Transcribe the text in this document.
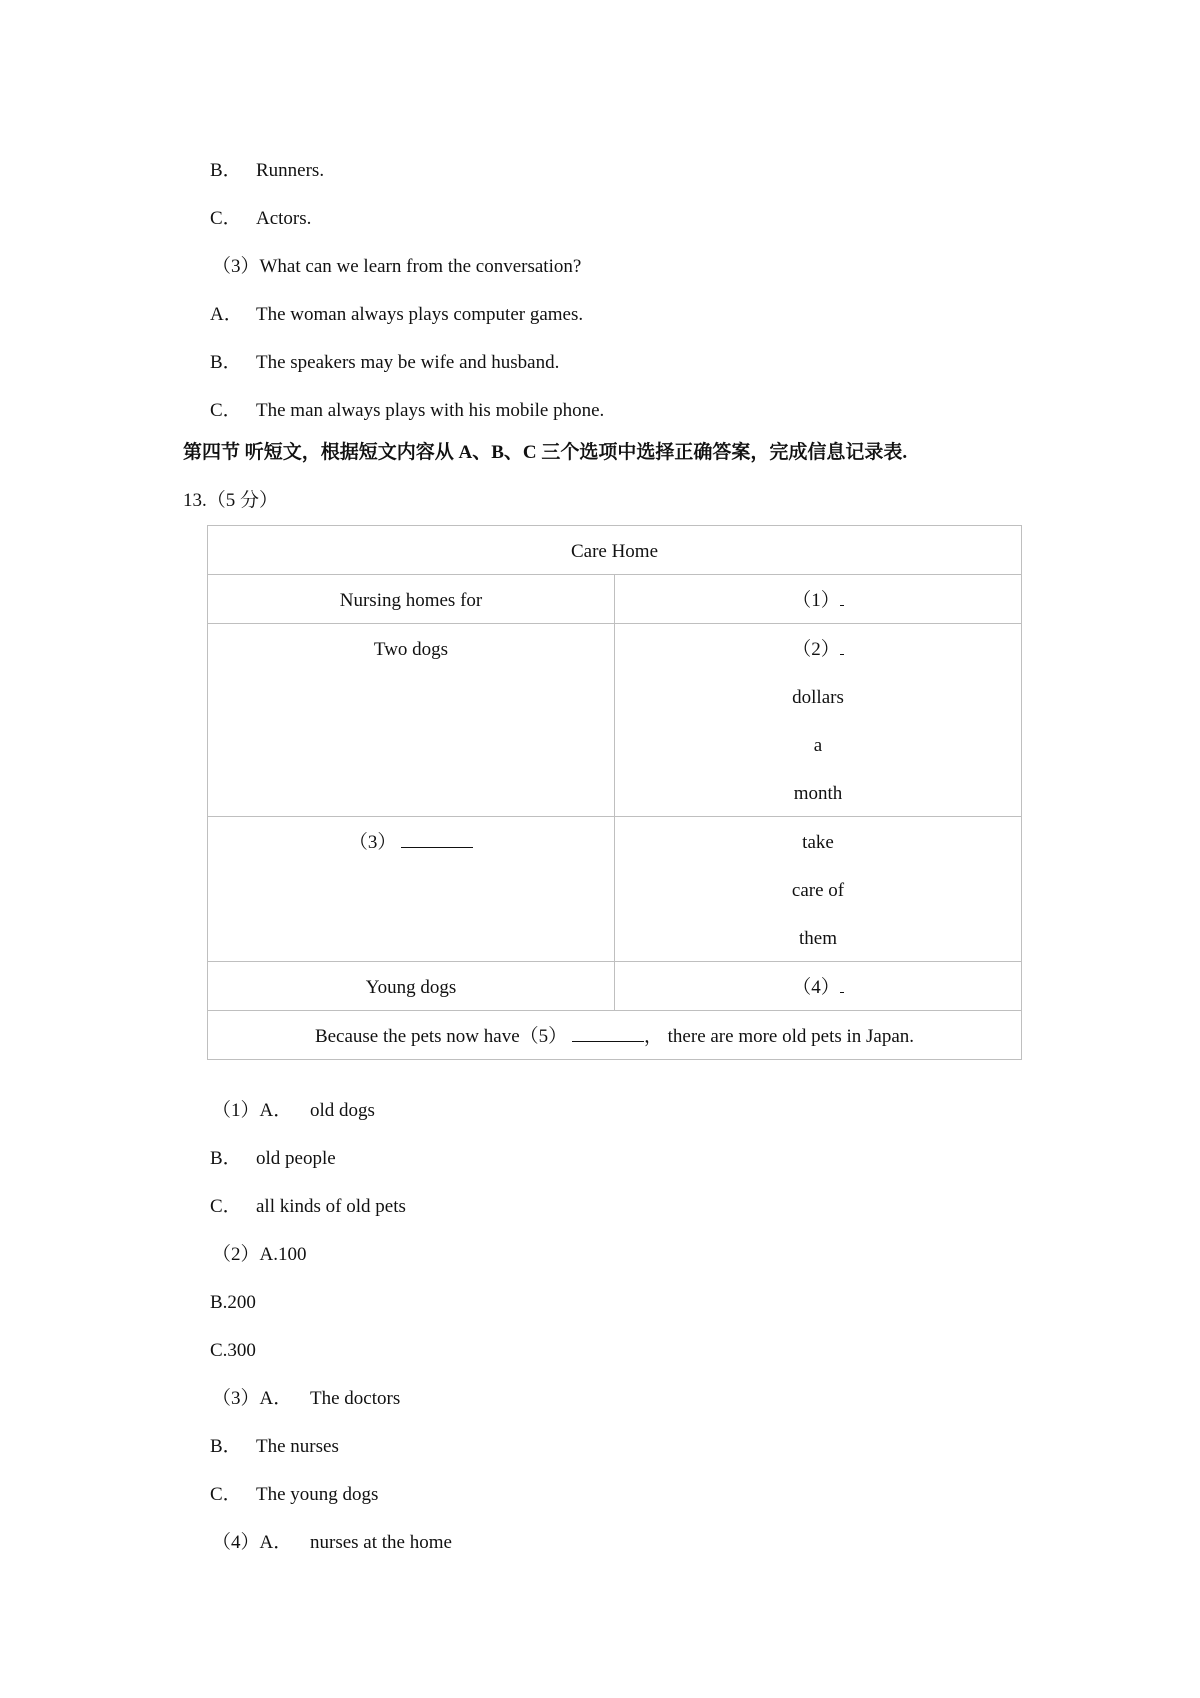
B． Runners.
C． Actors.
（3）What can we learn from the conversation?
A． The woman always plays computer games.
B． The speakers may be wife and husband.
C． The man always plays with his mobile phone.
第四节 听短文，根据短文内容从 A、B、C 三个选项中选择正确答案，完成信息记录表.
13.（5 分）
Care Home	

Nursing homes for	（1）

Two dogs	（2）
dollars
a
month

（3）	take
care of
them

Young dogs	（4）

Because the pets now have（5） ， there are more old pets in Japan.	
（1）A． old dogs
B． old people
C． all kinds of old pets
（2）A.100
B.200
C.300
（3）A． The doctors
B． The nurses
C． The young dogs
（4）A． nurses at the home
